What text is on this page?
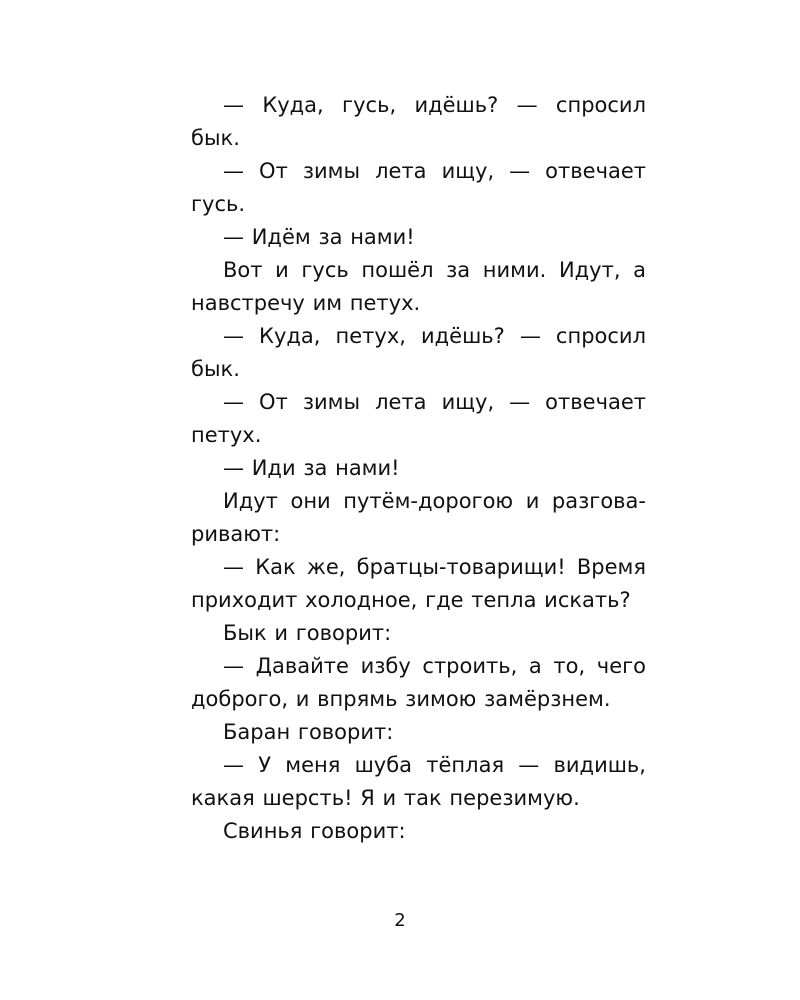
— Куда, гусь, идёшь? — спросил бык.

— От зимы лета ищу, — отвечает гусь.

— Идём за нами!

Вот и гусь пошёл за ними. Идут, а навстречу им петух.

— Куда, петух, идёшь? — спросил бык.

— От зимы лета ищу, — отвечает петух.

— Иди за нами!

Идут они путём-дорогою и разговаривают:

— Как же, братцы-товарищи! Время приходит холодное, где тепла искать?

Бык и говорит:

— Давайте избу строить, а то, чего доброго, и впрямь зимою замёрзнем.

Баран говорит:

— У меня шуба тёплая — видишь, какая шерсть! Я и так перезимую.

Свинья говорит:

2
